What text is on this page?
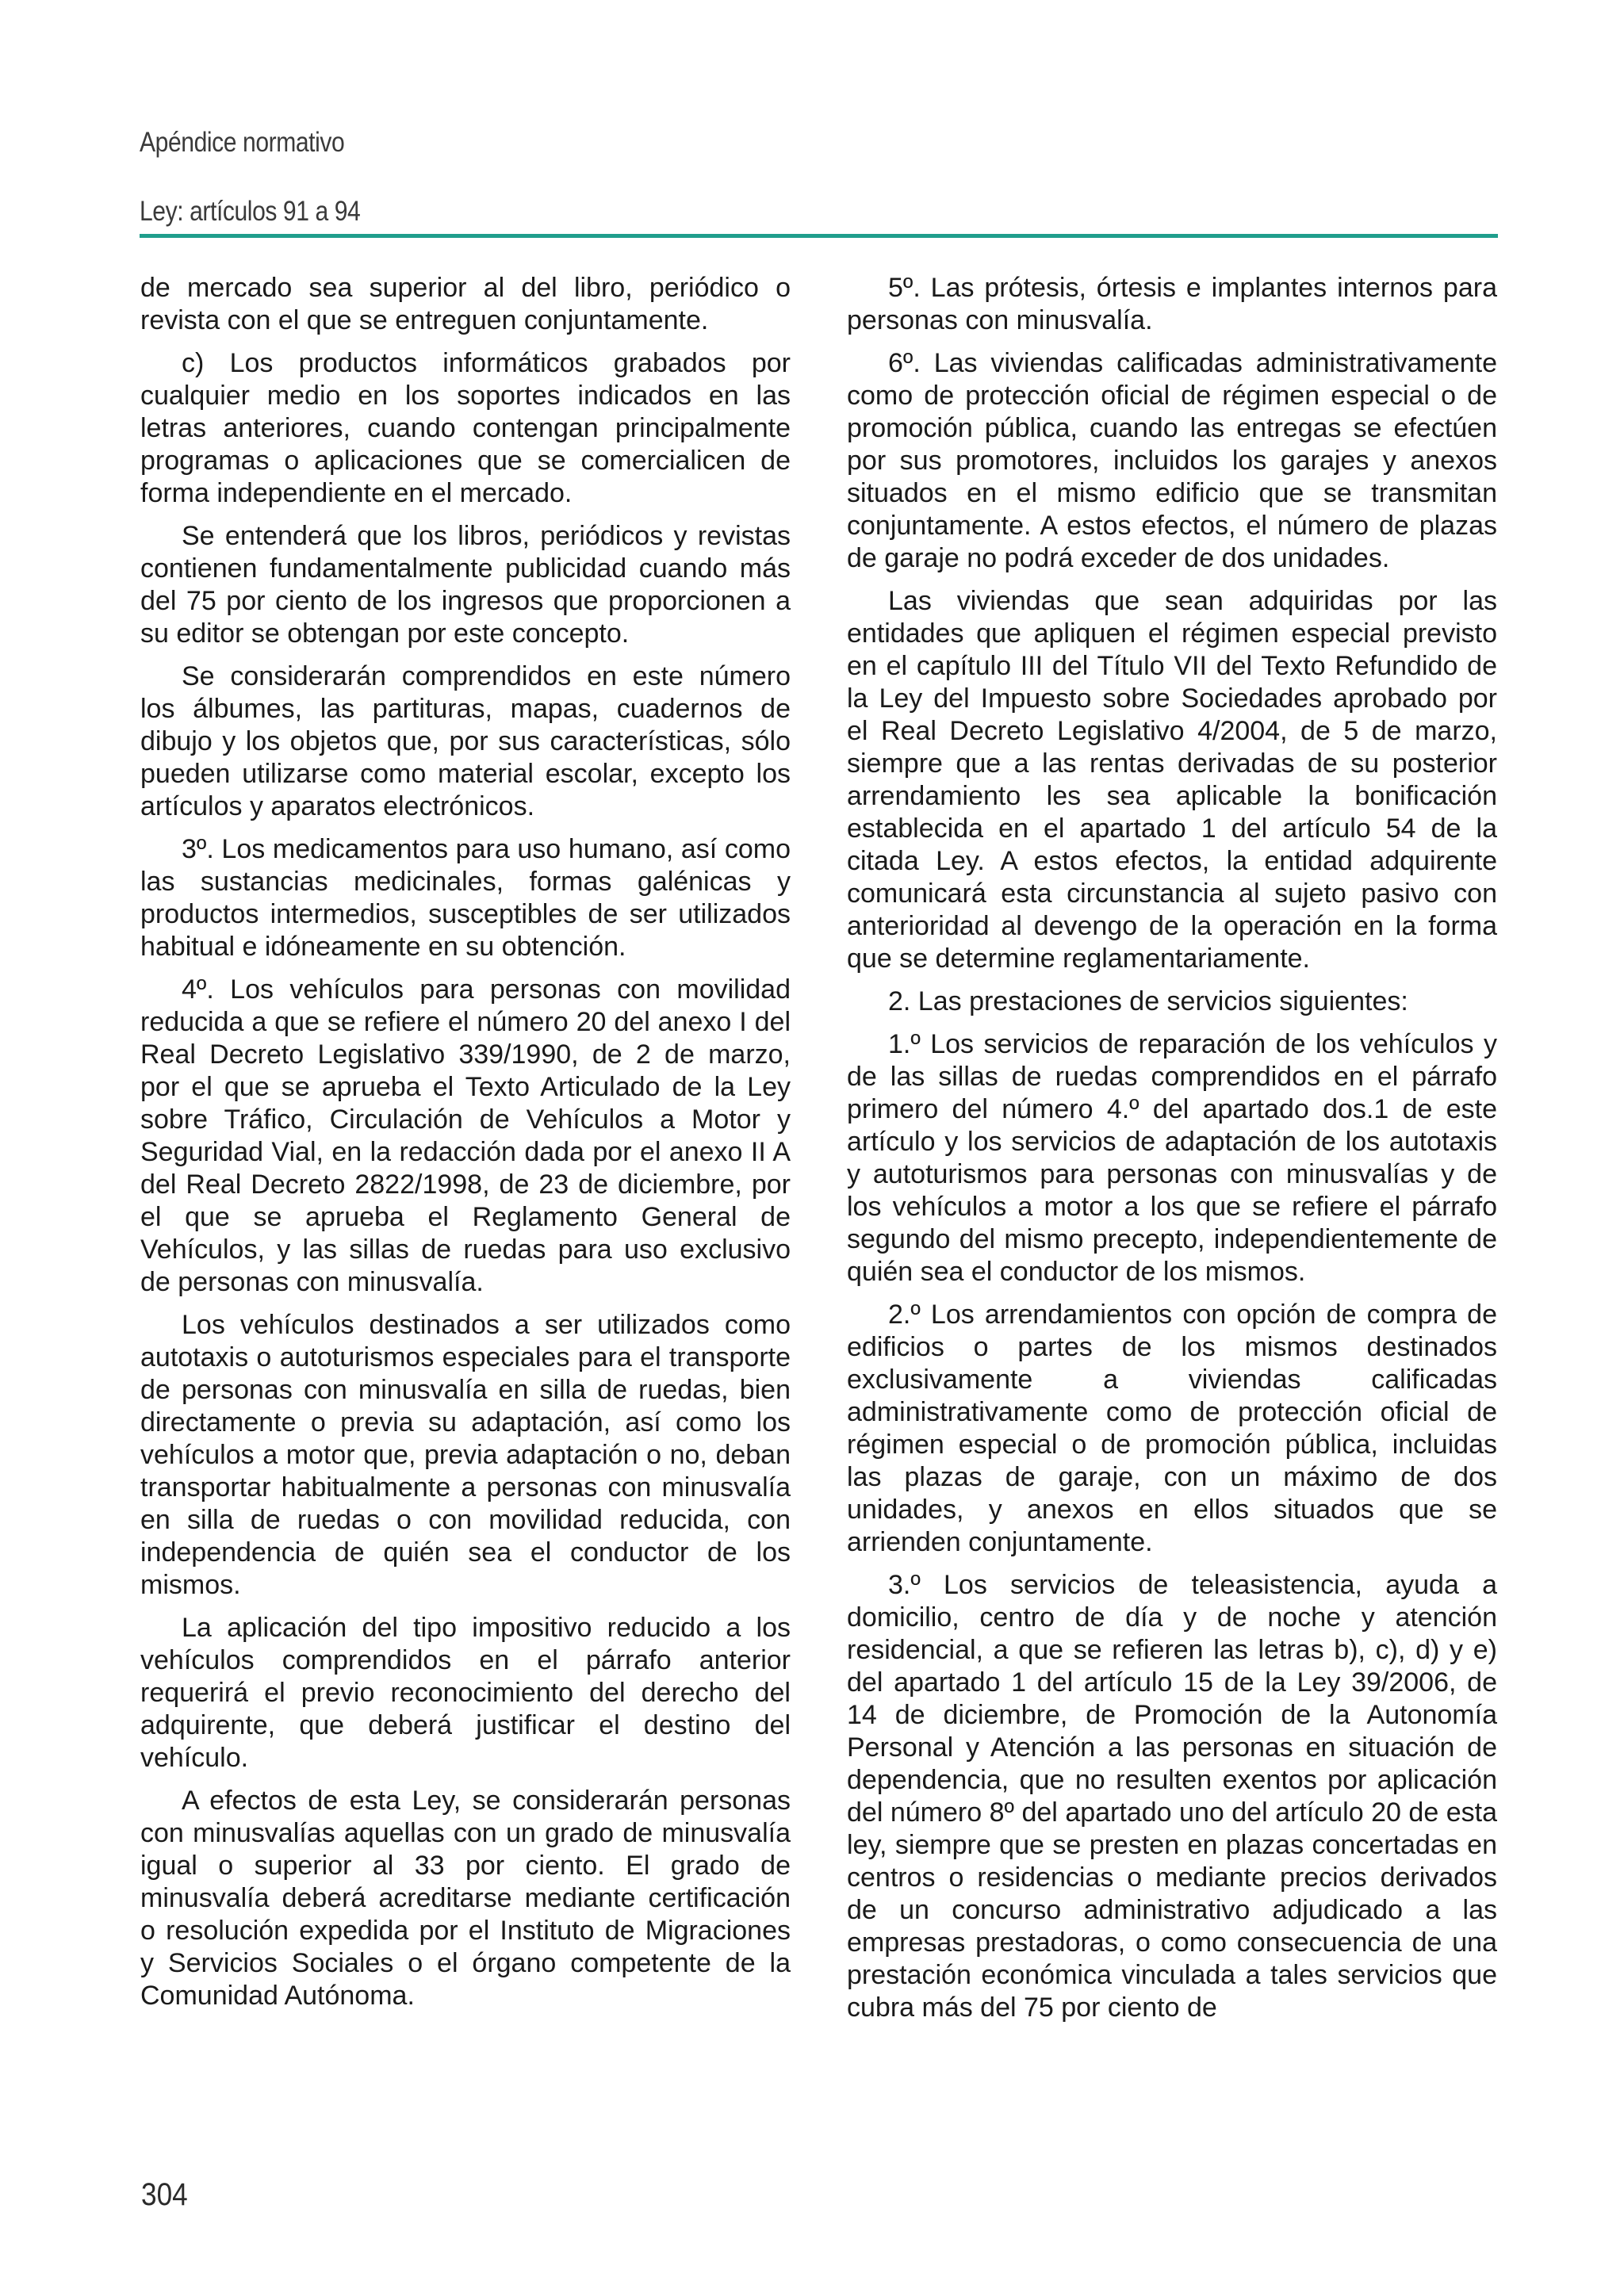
Apéndice normativo
Ley: artículos 91 a 94

de mercado sea superior al del libro, periódico o revista con el que se entreguen conjuntamente.

c) Los productos informáticos grabados por cualquier medio en los soportes indicados en las letras anteriores, cuando contengan principalmente programas o aplicaciones que se comercialicen de forma independiente en el mercado.

Se entenderá que los libros, periódicos y revistas contienen fundamentalmente publicidad cuando más del 75 por ciento de los ingresos que proporcionen a su editor se obtengan por este concepto.

Se considerarán comprendidos en este número los álbumes, las partituras, mapas, cuadernos de dibujo y los objetos que, por sus características, sólo pueden utilizarse como material escolar, excepto los artículos y aparatos electrónicos.

3º. Los medicamentos para uso humano, así como las sustancias medicinales, formas galénicas y productos intermedios, susceptibles de ser utilizados habitual e idóneamente en su obtención.

4º. Los vehículos para personas con movilidad reducida a que se refiere el número 20 del anexo I del Real Decreto Legislativo 339/1990, de 2 de marzo, por el que se aprueba el Texto Articulado de la Ley sobre Tráfico, Circulación de Vehículos a Motor y Seguridad Vial, en la redacción dada por el anexo II A del Real Decreto 2822/1998, de 23 de diciembre, por el que se aprueba el Reglamento General de Vehículos, y las sillas de ruedas para uso exclusivo de personas con minusvalía.

Los vehículos destinados a ser utilizados como autotaxis o autoturismos especiales para el transporte de personas con minusvalía en silla de ruedas, bien directamente o previa su adaptación, así como los vehículos a motor que, previa adaptación o no, deban transportar habitualmente a personas con minusvalía en silla de ruedas o con movilidad reducida, con independencia de quién sea el conductor de los mismos.

La aplicación del tipo impositivo reducido a los vehículos comprendidos en el párrafo anterior requerirá el previo reconocimiento del derecho del adquirente, que deberá justificar el destino del vehículo.

A efectos de esta Ley, se considerarán personas con minusvalías aquellas con un grado de minusvalía igual o superior al 33 por ciento. El grado de minusvalía deberá acreditarse mediante certificación o resolución expedida por el Instituto de Migraciones y Servicios Sociales o el órgano competente de la Comunidad Autónoma.

5º. Las prótesis, órtesis e implantes internos para personas con minusvalía.

6º. Las viviendas calificadas administrativamente como de protección oficial de régimen especial o de promoción pública, cuando las entregas se efectúen por sus promotores, incluidos los garajes y anexos situados en el mismo edificio que se transmitan conjuntamente. A estos efectos, el número de plazas de garaje no podrá exceder de dos unidades.

Las viviendas que sean adquiridas por las entidades que apliquen el régimen especial previsto en el capítulo III del Título VII del Texto Refundido de la Ley del Impuesto sobre Sociedades aprobado por el Real Decreto Legislativo 4/2004, de 5 de marzo, siempre que a las rentas derivadas de su posterior arrendamiento les sea aplicable la bonificación establecida en el apartado 1 del artículo 54 de la citada Ley. A estos efectos, la entidad adquirente comunicará esta circunstancia al sujeto pasivo con anterioridad al devengo de la operación en la forma que se determine reglamentariamente.

2. Las prestaciones de servicios siguientes:

1.º Los servicios de reparación de los vehículos y de las sillas de ruedas comprendidos en el párrafo primero del número 4.º del apartado dos.1 de este artículo y los servicios de adaptación de los autotaxis y autoturismos para personas con minusvalías y de los vehículos a motor a los que se refiere el párrafo segundo del mismo precepto, independientemente de quién sea el conductor de los mismos.

2.º Los arrendamientos con opción de compra de edificios o partes de los mismos destinados exclusivamente a viviendas calificadas administrativamente como de protección oficial de régimen especial o de promoción pública, incluidas las plazas de garaje, con un máximo de dos unidades, y anexos en ellos situados que se arrienden conjuntamente.

3.º Los servicios de teleasistencia, ayuda a domicilio, centro de día y de noche y atención residencial, a que se refieren las letras b), c), d) y e) del apartado 1 del artículo 15 de la Ley 39/2006, de 14 de diciembre, de Promoción de la Autonomía Personal y Atención a las personas en situación de dependencia, que no resulten exentos por aplicación del número 8º del apartado uno del artículo 20 de esta ley, siempre que se presten en plazas concertadas en centros o residencias o mediante precios derivados de un concurso administrativo adjudicado a las empresas prestadoras, o como consecuencia de una prestación económica vinculada a tales servicios que cubra más del 75 por ciento de

304
